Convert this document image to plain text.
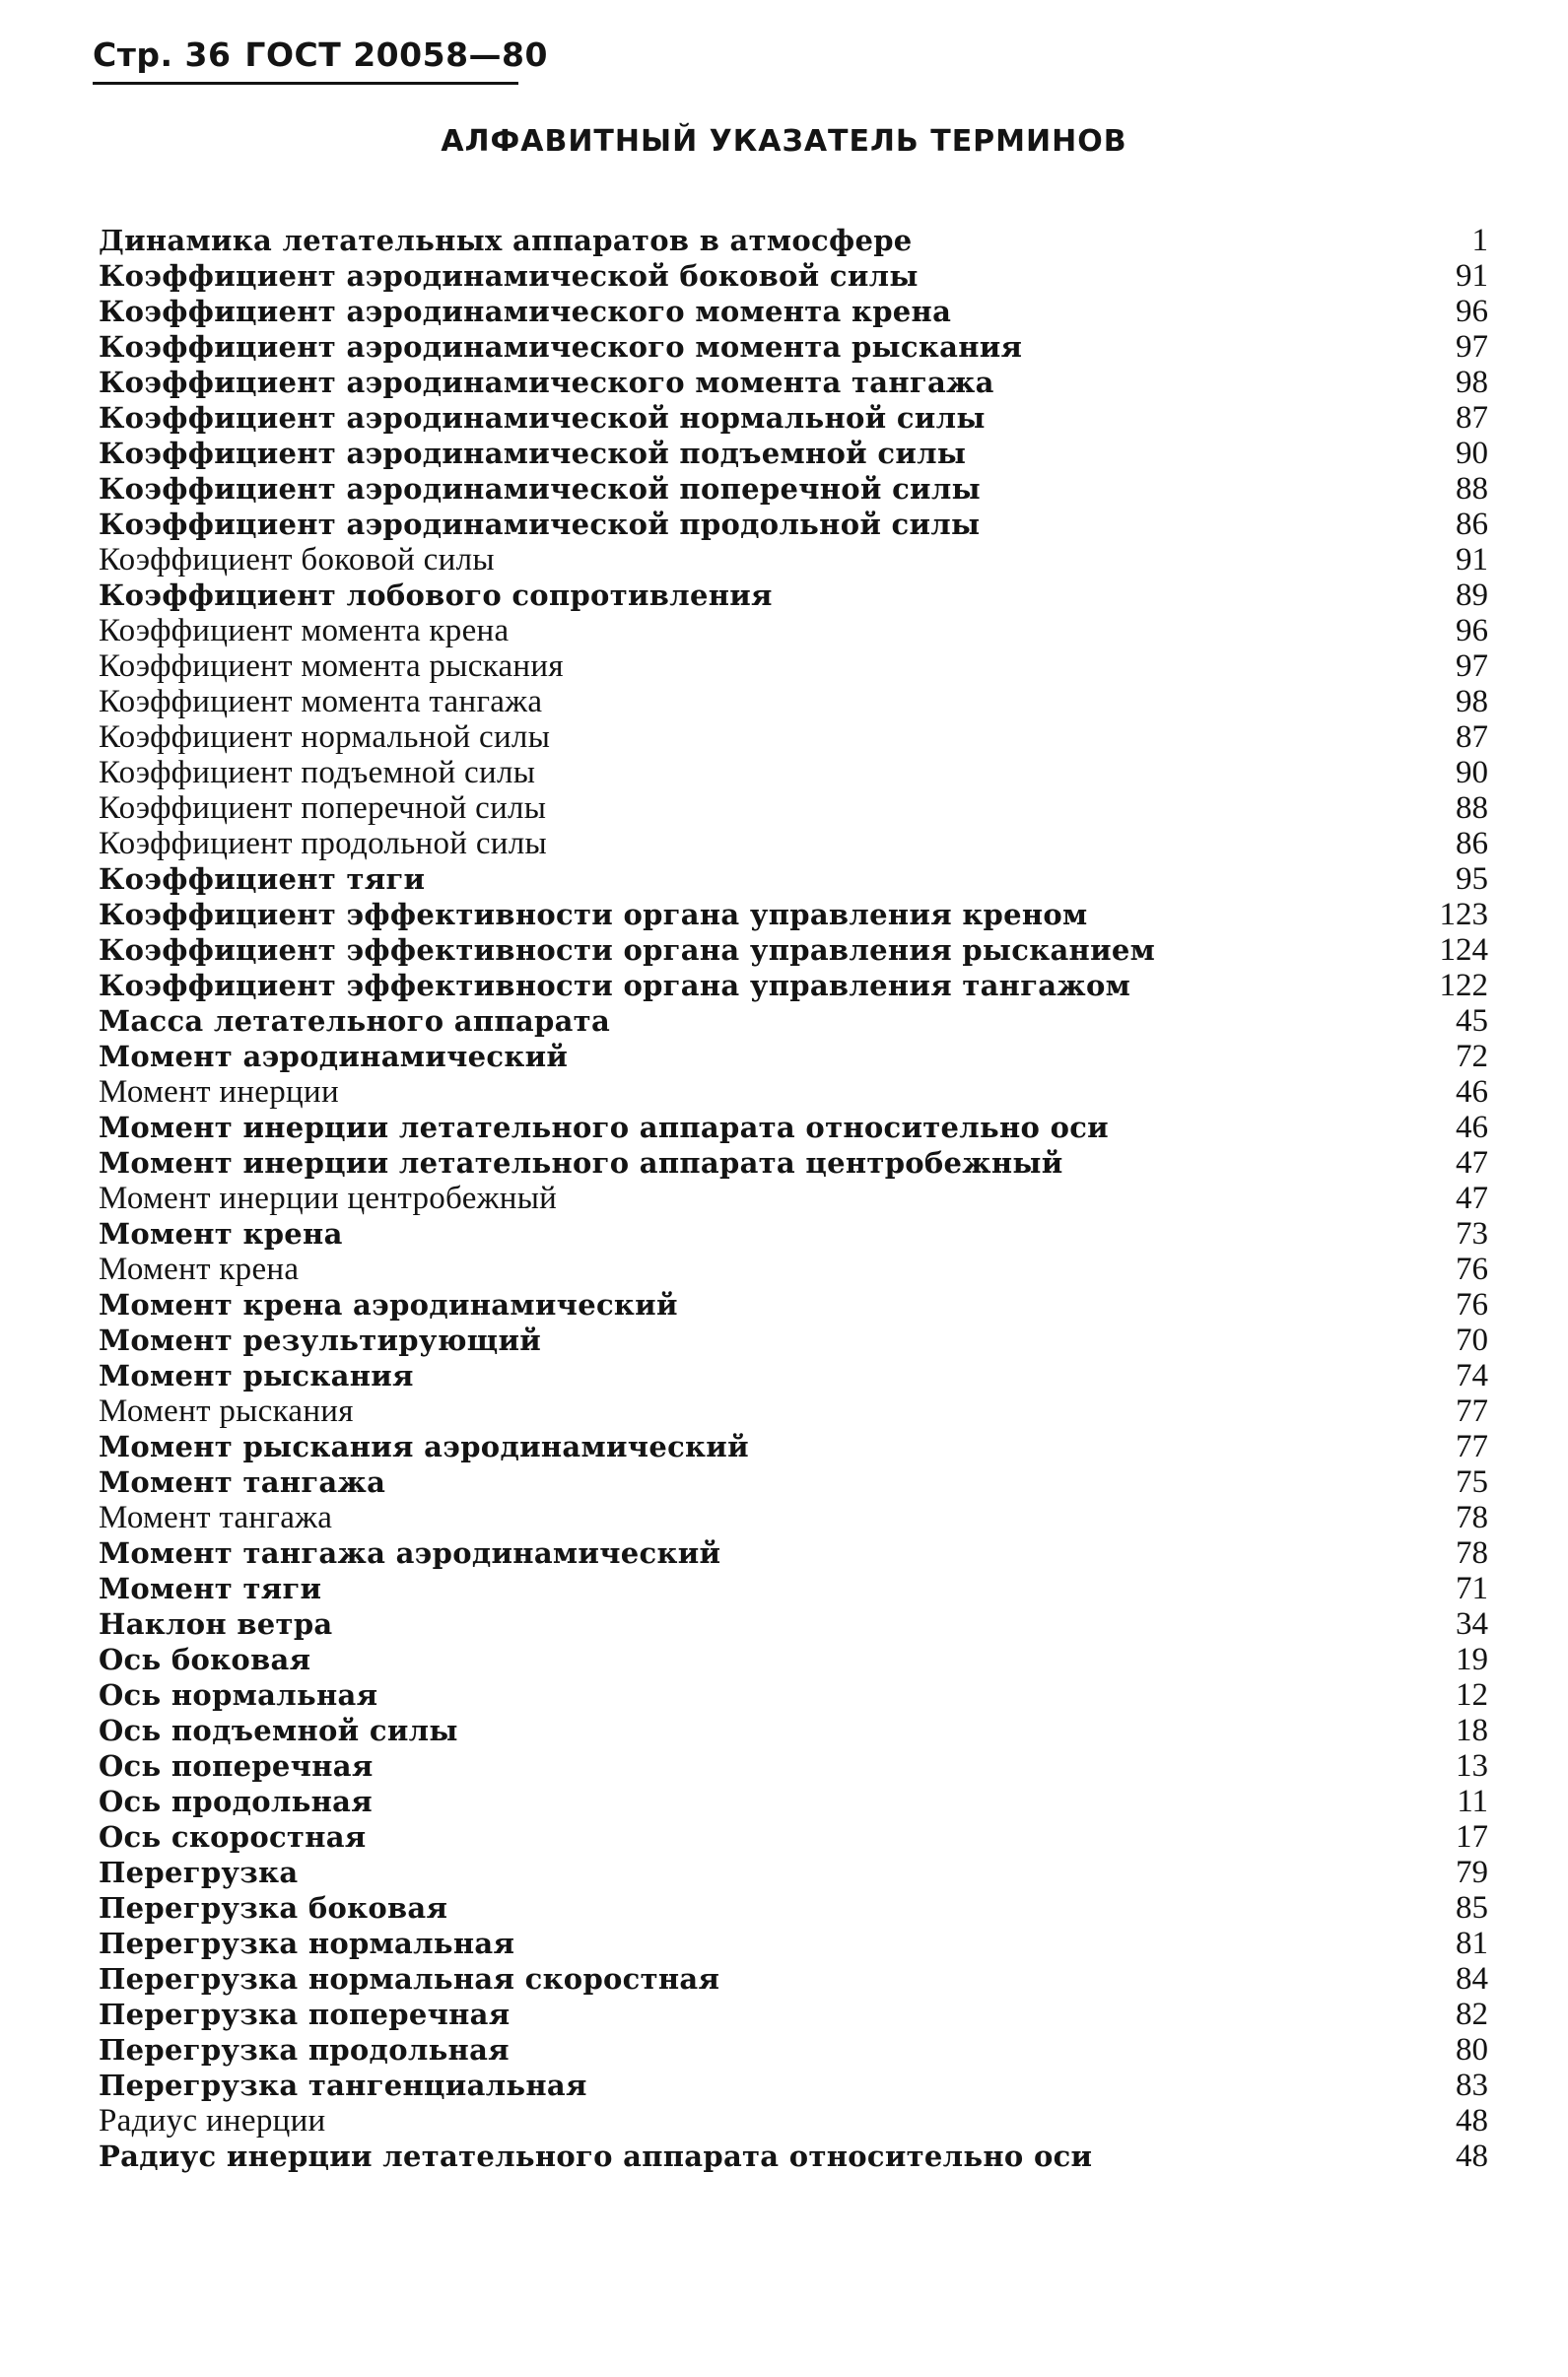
Стр. 36 ГОСТ 20058—80
АЛФАВИТНЫЙ УКАЗАТЕЛЬ ТЕРМИНОВ
Динамика летательных аппаратов в атмосфере	1
Коэффициент аэродинамической боковой силы	91
Коэффициент аэродинамического момента крена	96
Коэффициент аэродинамического момента рыскания	97
Коэффициент аэродинамического момента тангажа	98
Коэффициент аэродинамической нормальной силы	87
Коэффициент аэродинамической подъемной силы	90
Коэффициент аэродинамической поперечной силы	88
Коэффициент аэродинамической продольной силы	86
Коэффициент боковой силы	91
Коэффициент лобового сопротивления	89
Коэффициент момента крена	96
Коэффициент момента рыскания	97
Коэффициент момента тангажа	98
Коэффициент нормальной силы	87
Коэффициент подъемной силы	90
Коэффициент поперечной силы	88
Коэффициент продольной силы	86
Коэффициент тяги	95
Коэффициент эффективности органа управления креном	123
Коэффициент эффективности органа управления рысканием	124
Коэффициент эффективности органа управления тангажом	122
Масса летательного аппарата	45
Момент аэродинамический	72
Момент инерции	46
Момент инерции летательного аппарата относительно оси	46
Момент инерции летательного аппарата центробежный	47
Момент инерции центробежный	47
Момент крена	73
Момент крена	76
Момент крена аэродинамический	76
Момент результирующий	70
Момент рыскания	74
Момент рыскания	77
Момент рыскания аэродинамический	77
Момент тангажа	75
Момент тангажа	78
Момент тангажа аэродинамический	78
Момент тяги	71
Наклон ветра	34
Ось боковая	19
Ось нормальная	12
Ось подъемной силы	18
Ось поперечная	13
Ось продольная	11
Ось скоростная	17
Перегрузка	79
Перегрузка боковая	85
Перегрузка нормальная	81
Перегрузка нормальная скоростная	84
Перегрузка поперечная	82
Перегрузка продольная	80
Перегрузка тангенциальная	83
Радиус инерции	48
Радиус инерции летательного аппарата относительно оси	48
